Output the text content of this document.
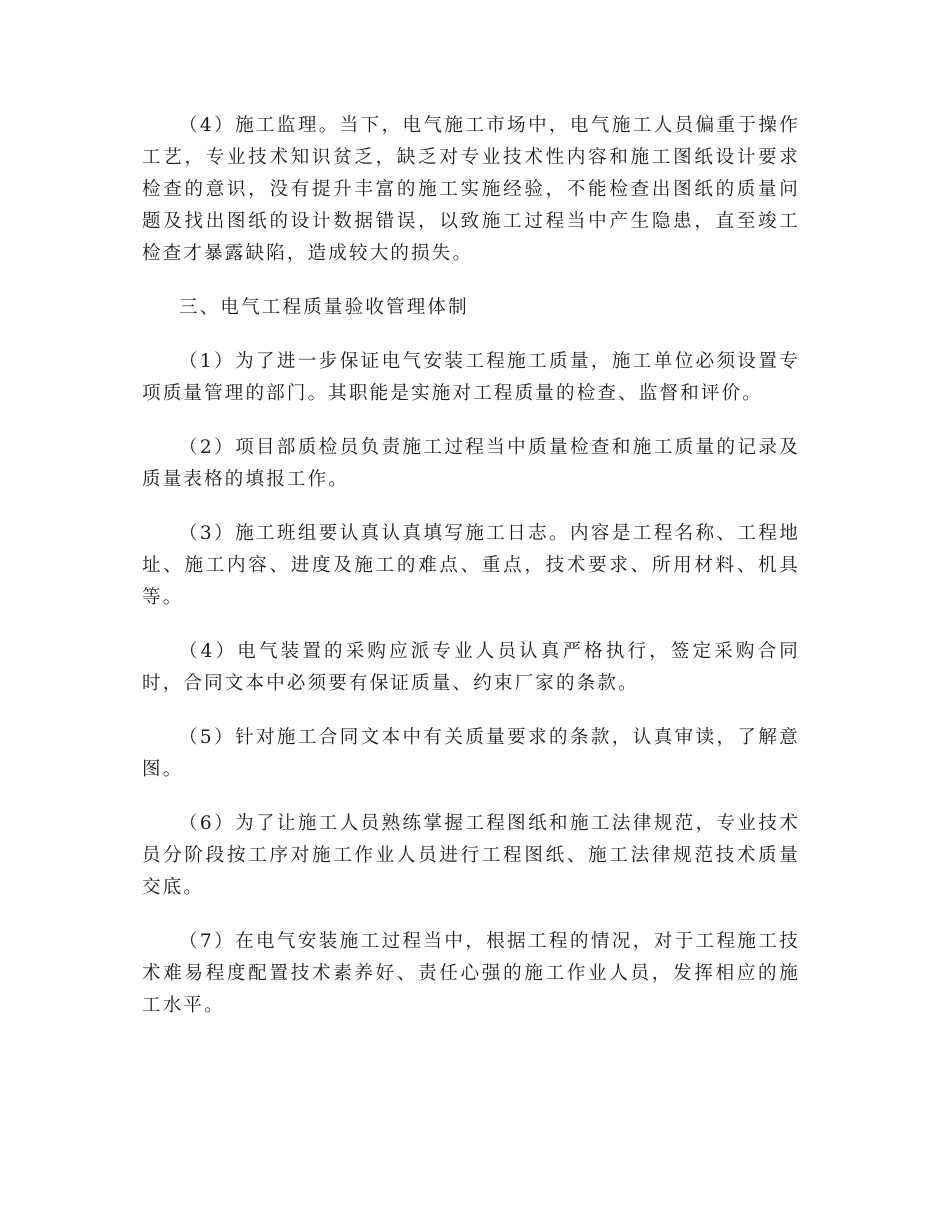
（4）施工监理。当下，电气施工市场中，电气施工人员偏重于操作工艺，专业技术知识贫乏，缺乏对专业技术性内容和施工图纸设计要求检查的意识，没有提升丰富的施工实施经验，不能检查出图纸的质量问题及找出图纸的设计数据错误，以致施工过程当中产生隐患，直至竣工检查才暴露缺陷，造成较大的损失。

三、电气工程质量验收管理体制

（1）为了进一步保证电气安装工程施工质量，施工单位必须设置专项质量管理的部门。其职能是实施对工程质量的检查、监督和评价。

（2）项目部质检员负责施工过程当中质量检查和施工质量的记录及质量表格的填报工作。

（3）施工班组要认真认真填写施工日志。内容是工程名称、工程地址、施工内容、进度及施工的难点、重点，技术要求、所用材料、机具等。

（4）电气装置的采购应派专业人员认真严格执行，签定采购合同时，合同文本中必须要有保证质量、约束厂家的条款。

（5）针对施工合同文本中有关质量要求的条款，认真审读，了解意图。

（6）为了让施工人员熟练掌握工程图纸和施工法律规范，专业技术员分阶段按工序对施工作业人员进行工程图纸、施工法律规范技术质量交底。

（7）在电气安装施工过程当中，根据工程的情况，对于工程施工技术难易程度配置技术素养好、责任心强的施工作业人员，发挥相应的施工水平。
